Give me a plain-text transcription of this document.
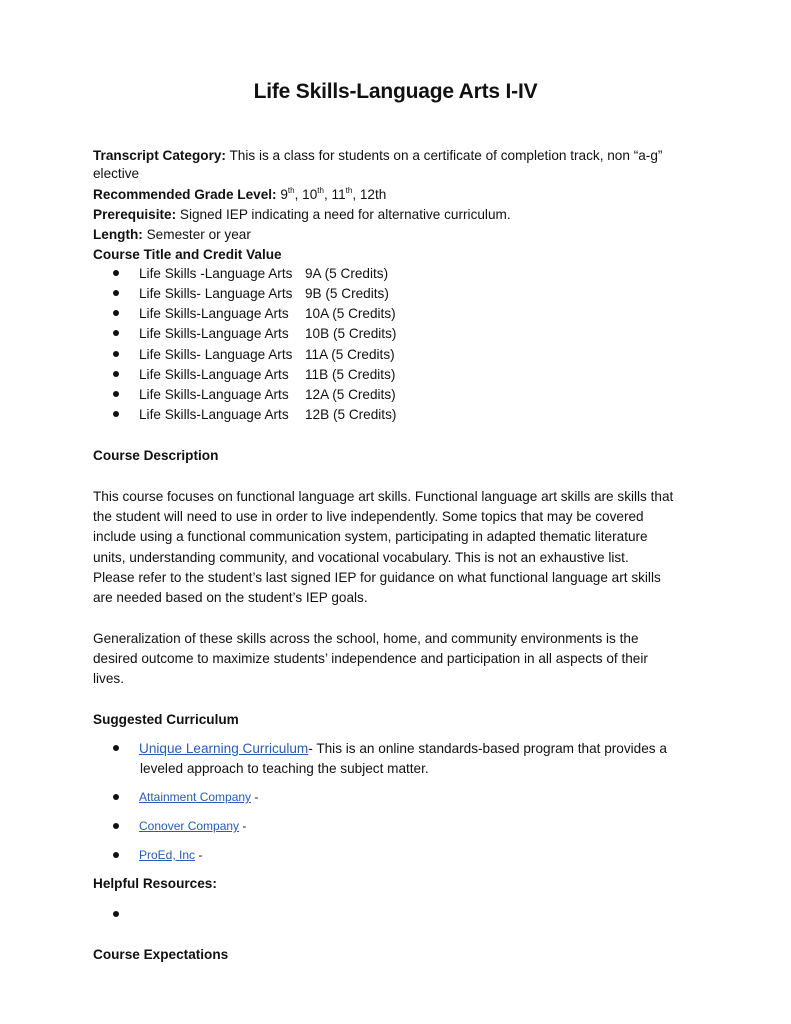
Life Skills-Language Arts I-IV
Transcript Category: This is a class for students on a certificate of completion track, non “a-g”
elective
Recommended Grade Level: 9th, 10th, 11th, 12th
Prerequisite: Signed IEP indicating a need for alternative curriculum.
Length: Semester or year
Course Title and Credit Value
Life Skills -Language Arts 9A (5 Credits)
Life Skills- Language Arts 9B (5 Credits)
Life Skills-Language Arts 10A (5 Credits)
Life Skills-Language Arts 10B (5 Credits)
Life Skills- Language Arts 11A (5 Credits)
Life Skills-Language Arts 11B (5 Credits)
Life Skills-Language Arts 12A (5 Credits)
Life Skills-Language Arts 12B (5 Credits)
Course Description
This course focuses on functional language art skills. Functional language art skills are skills that
the student will need to use in order to live independently. Some topics that may be covered
include using a functional communication system, participating in adapted thematic literature
units, understanding community, and vocational vocabulary. This is not an exhaustive list.
Please refer to the student’s last signed IEP for guidance on what functional language art skills
are needed based on the student’s IEP goals.
Generalization of these skills across the school, home, and community environments is the
desired outcome to maximize students’ independence and participation in all aspects of their
lives.
Suggested Curriculum
Unique Learning Curriculum- This is an online standards-based program that provides a
leveled approach to teaching the subject matter.
Attainment Company -
Conover Company -
ProEd, Inc -
Helpful Resources:
Course Expectations
